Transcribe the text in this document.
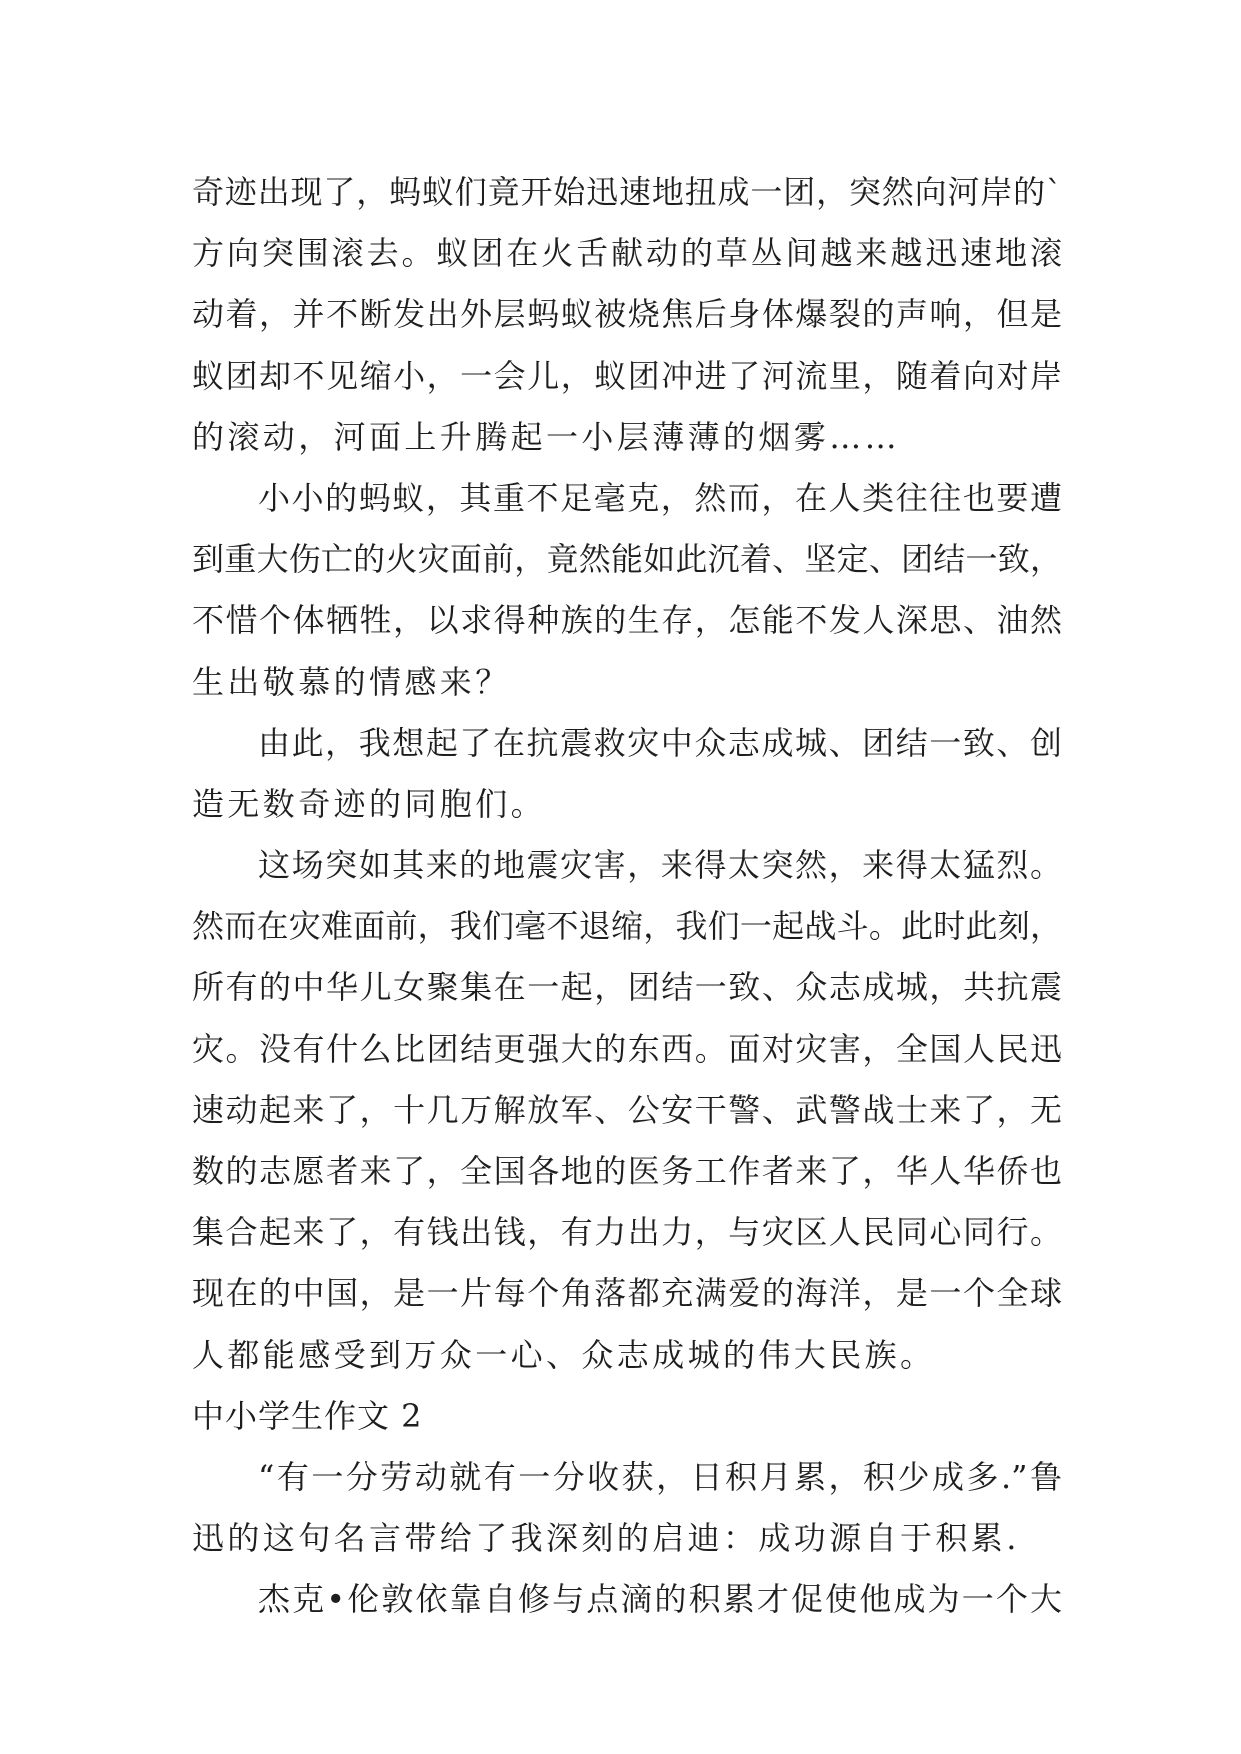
奇迹出现了，蚂蚁们竟开始迅速地扭成一团，突然向河岸的`
方向突围滚去。蚁团在火舌献动的草丛间越来越迅速地滚
动着，并不断发出外层蚂蚁被烧焦后身体爆裂的声响，但是
蚁团却不见缩小，一会儿，蚁团冲进了河流里，随着向对岸
的滚动，河面上升腾起一小层薄薄的烟雾……
小小的蚂蚁，其重不足毫克，然而，在人类往往也要遭
到重大伤亡的火灾面前，竟然能如此沉着、坚定、团结一致，
不惜个体牺牲，以求得种族的生存，怎能不发人深思、油然
生出敬慕的情感来？
由此，我想起了在抗震救灾中众志成城、团结一致、创
造无数奇迹的同胞们。
这场突如其来的地震灾害，来得太突然，来得太猛烈。
然而在灾难面前，我们毫不退缩，我们一起战斗。此时此刻，
所有的中华儿女聚集在一起，团结一致、众志成城，共抗震
灾。没有什么比团结更强大的东西。面对灾害，全国人民迅
速动起来了，十几万解放军、公安干警、武警战士来了，无
数的志愿者来了，全国各地的医务工作者来了，华人华侨也
集合起来了，有钱出钱，有力出力，与灾区人民同心同行。
现在的中国，是一片每个角落都充满爱的海洋，是一个全球
人都能感受到万众一心、众志成城的伟大民族。
中小学生作文 2
“有一分劳动就有一分收获，日积月累，积少成多.”鲁
迅的这句名言带给了我深刻的启迪：成功源自于积累.
杰克•伦敦依靠自修与点滴的积累才促使他成为一个大
